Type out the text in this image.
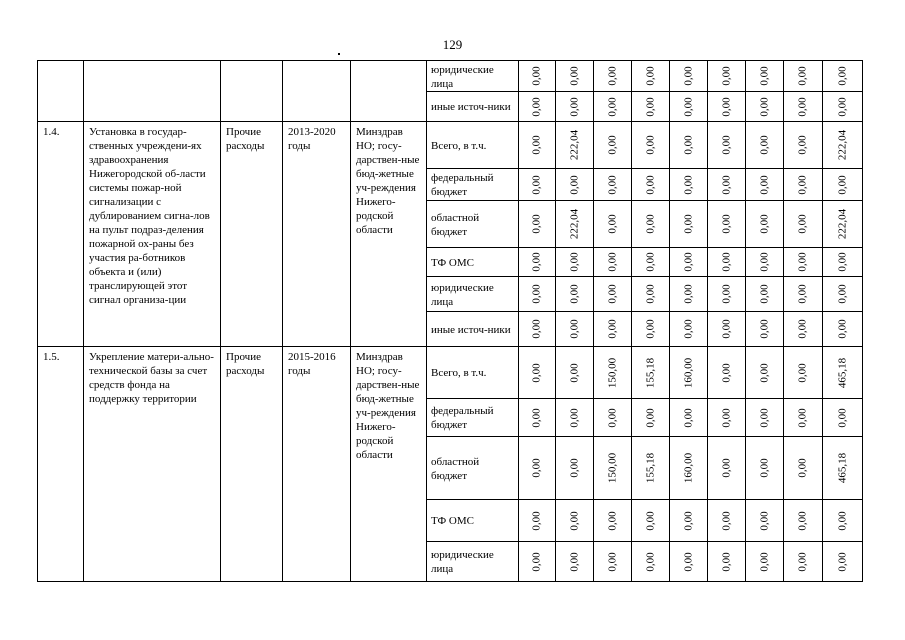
129
					юридические лица	0,00	0,00	0,00	0,00	0,00	0,00	0,00	0,00	0,00

					иные источ-ники	0,00	0,00	0,00	0,00	0,00	0,00	0,00	0,00	0,00

1.4.	Установка в государ-ственных учреждени-ях здравоохранения Нижегородской об-ласти системы пожар-ной сигнализации с дублированием сигна-лов на пульт подраз-деления пожарной ох-раны без участия ра-ботников объекта и (или) транслирующей этот сигнал организа-ции	Прочие расходы	2013-2020 годы	Минздрав НО; госу-дарствен-ные бюд-жетные уч-реждения Нижего-родской области	Всего, в т.ч.	0,00	222,04	0,00	0,00	0,00	0,00	0,00	0,00	222,04

					федеральный бюджет	0,00	0,00	0,00	0,00	0,00	0,00	0,00	0,00	0,00

					областной бюджет	0,00	222,04	0,00	0,00	0,00	0,00	0,00	0,00	222,04

					ТФ ОМС	0,00	0,00	0,00	0,00	0,00	0,00	0,00	0,00	0,00

					юридические лица	0,00	0,00	0,00	0,00	0,00	0,00	0,00	0,00	0,00

					иные источ-ники	0,00	0,00	0,00	0,00	0,00	0,00	0,00	0,00	0,00

1.5.	Укрепление матери-ально-технической базы за счет средств фонда на поддержку территории	Прочие расходы	2015-2016 годы	Минздрав НО; госу-дарствен-ные бюд-жетные уч-реждения Нижего-родской области	Всего, в т.ч.	0,00	0,00	150,00	155,18	160,00	0,00	0,00	0,00	465,18

					федеральный бюджет	0,00	0,00	0,00	0,00	0,00	0,00	0,00	0,00	0,00

					областной бюджет	0,00	0,00	150,00	155,18	160,00	0,00	0,00	0,00	465,18

					ТФ ОМС	0,00	0,00	0,00	0,00	0,00	0,00	0,00	0,00	0,00

					юридические лица	0,00	0,00	0,00	0,00	0,00	0,00	0,00	0,00	0,00
